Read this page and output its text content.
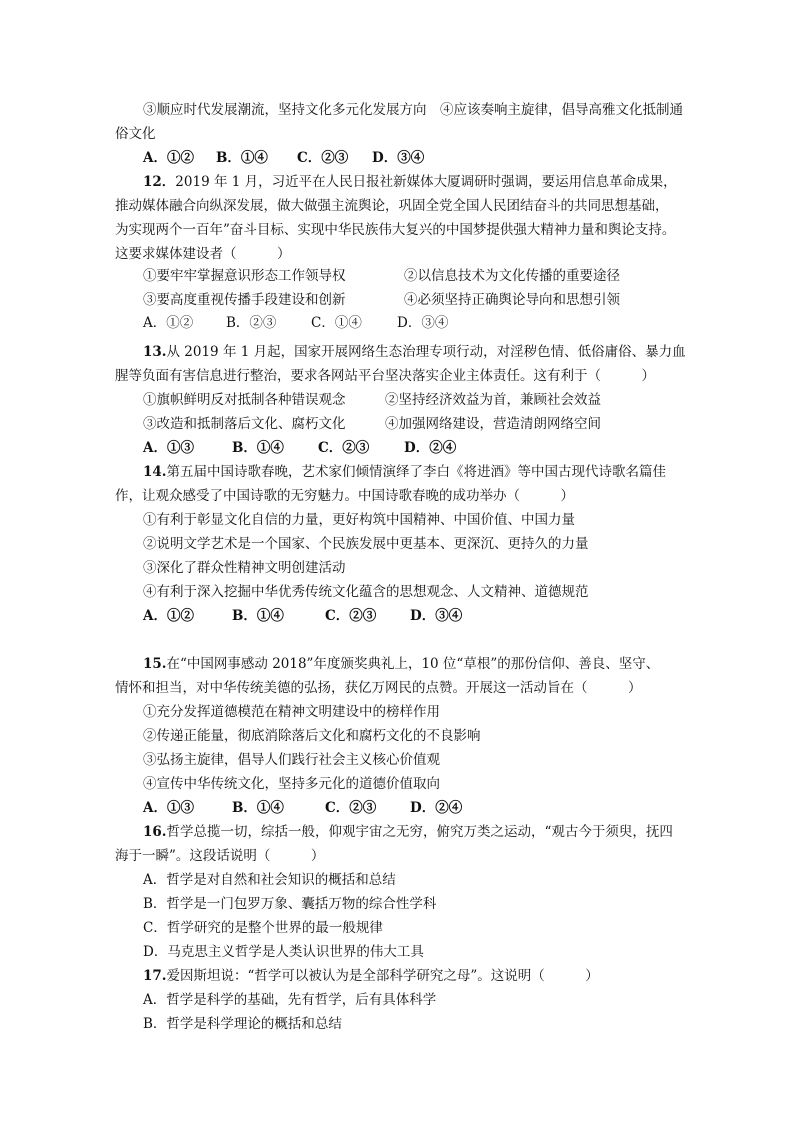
③顺应时代发展潮流，坚持文化多元化发展方向　④应该奏响主旋律，倡导高雅文化抵制通
俗文化
A．①② B．①④ C．②③ D．③④
12．2019 年 1 月，习近平在人民日报社新媒体大厦调研时强调，要运用信息革命成果，
推动媒体融合向纵深发展，做大做强主流舆论，巩固全党全国人民团结奋斗的共同思想基础，
为实现两个一百年”奋斗目标、实现中华民族伟大复兴的中国梦提供强大精神力量和舆论支持。
这要求媒体建设者（　　　）
①要牢牢掌握意识形态工作领导权	②以信息技术为文化传播的重要途径
③要高度重视传播手段建设和创新	④必须坚持正确舆论导向和思想引领
A．①② B．②③	C．①④	D．③④
13.从 2019 年 1 月起，国家开展网络生态治理专项行动，对淫秽色情、低俗庸俗、暴力血
腥等负面有害信息进行整治，要求各网站平台坚决落实企业主体责任。这有利于（　　　）
①旗帜鲜明反对抵制各种错误观念	②坚持经济效益为首，兼顾社会效益
③改造和抵制落后文化、腐朽文化	④加强网络建设，营造清朗网络空间
A．①③	B．①④	C．②③	D．②④
14.第五届中国诗歌春晚，艺术家们倾情演绎了李白《将进酒》等中国古现代诗歌名篇佳
作，让观众感受了中国诗歌的无穷魅力。中国诗歌春晚的成功举办（　　　）
①有利于彰显文化自信的力量，更好构筑中国精神、中国价值、中国力量
②说明文学艺术是一个国家、个民族发展中更基本、更深沉、更持久的力量
③深化了群众性精神文明创建活动
④有利于深入挖掘中华优秀传统文化蕴含的思想观念、人文精神、道德规范
A．①②	B．①④	C．②③	D．③④
15.在“中国网事感动 2018”年度颁奖典礼上，10 位“草根”的那份信仰、善良、坚守、
情怀和担当，对中华传统美德的弘扬，获亿万网民的点赞。开展这一活动旨在（　　　）
①充分发挥道德模范在精神文明建设中的榜样作用
②传递正能量，彻底消除落后文化和腐朽文化的不良影响
③弘扬主旋律，倡导人们践行社会主义核心价值观
④宣传中华传统文化，坚持多元化的道德价值取向
A．①③	B．①④	C．②③	D．②④
16.哲学总揽一切，综括一般，仰观宇宙之无穷，俯究万类之运动，“观古今于须臾，抚四
海于一瞬”。这段话说明（　　　）
A．哲学是对自然和社会知识的概括和总结
B．哲学是一门包罗万象、囊括万物的综合性学科
C．哲学研究的是整个世界的最一般规律
D．马克思主义哲学是人类认识世界的伟大工具
17.爱因斯坦说：“哲学可以被认为是全部科学研究之母”。这说明（　　　）
A．哲学是科学的基础，先有哲学，后有具体科学
B．哲学是科学理论的概括和总结
